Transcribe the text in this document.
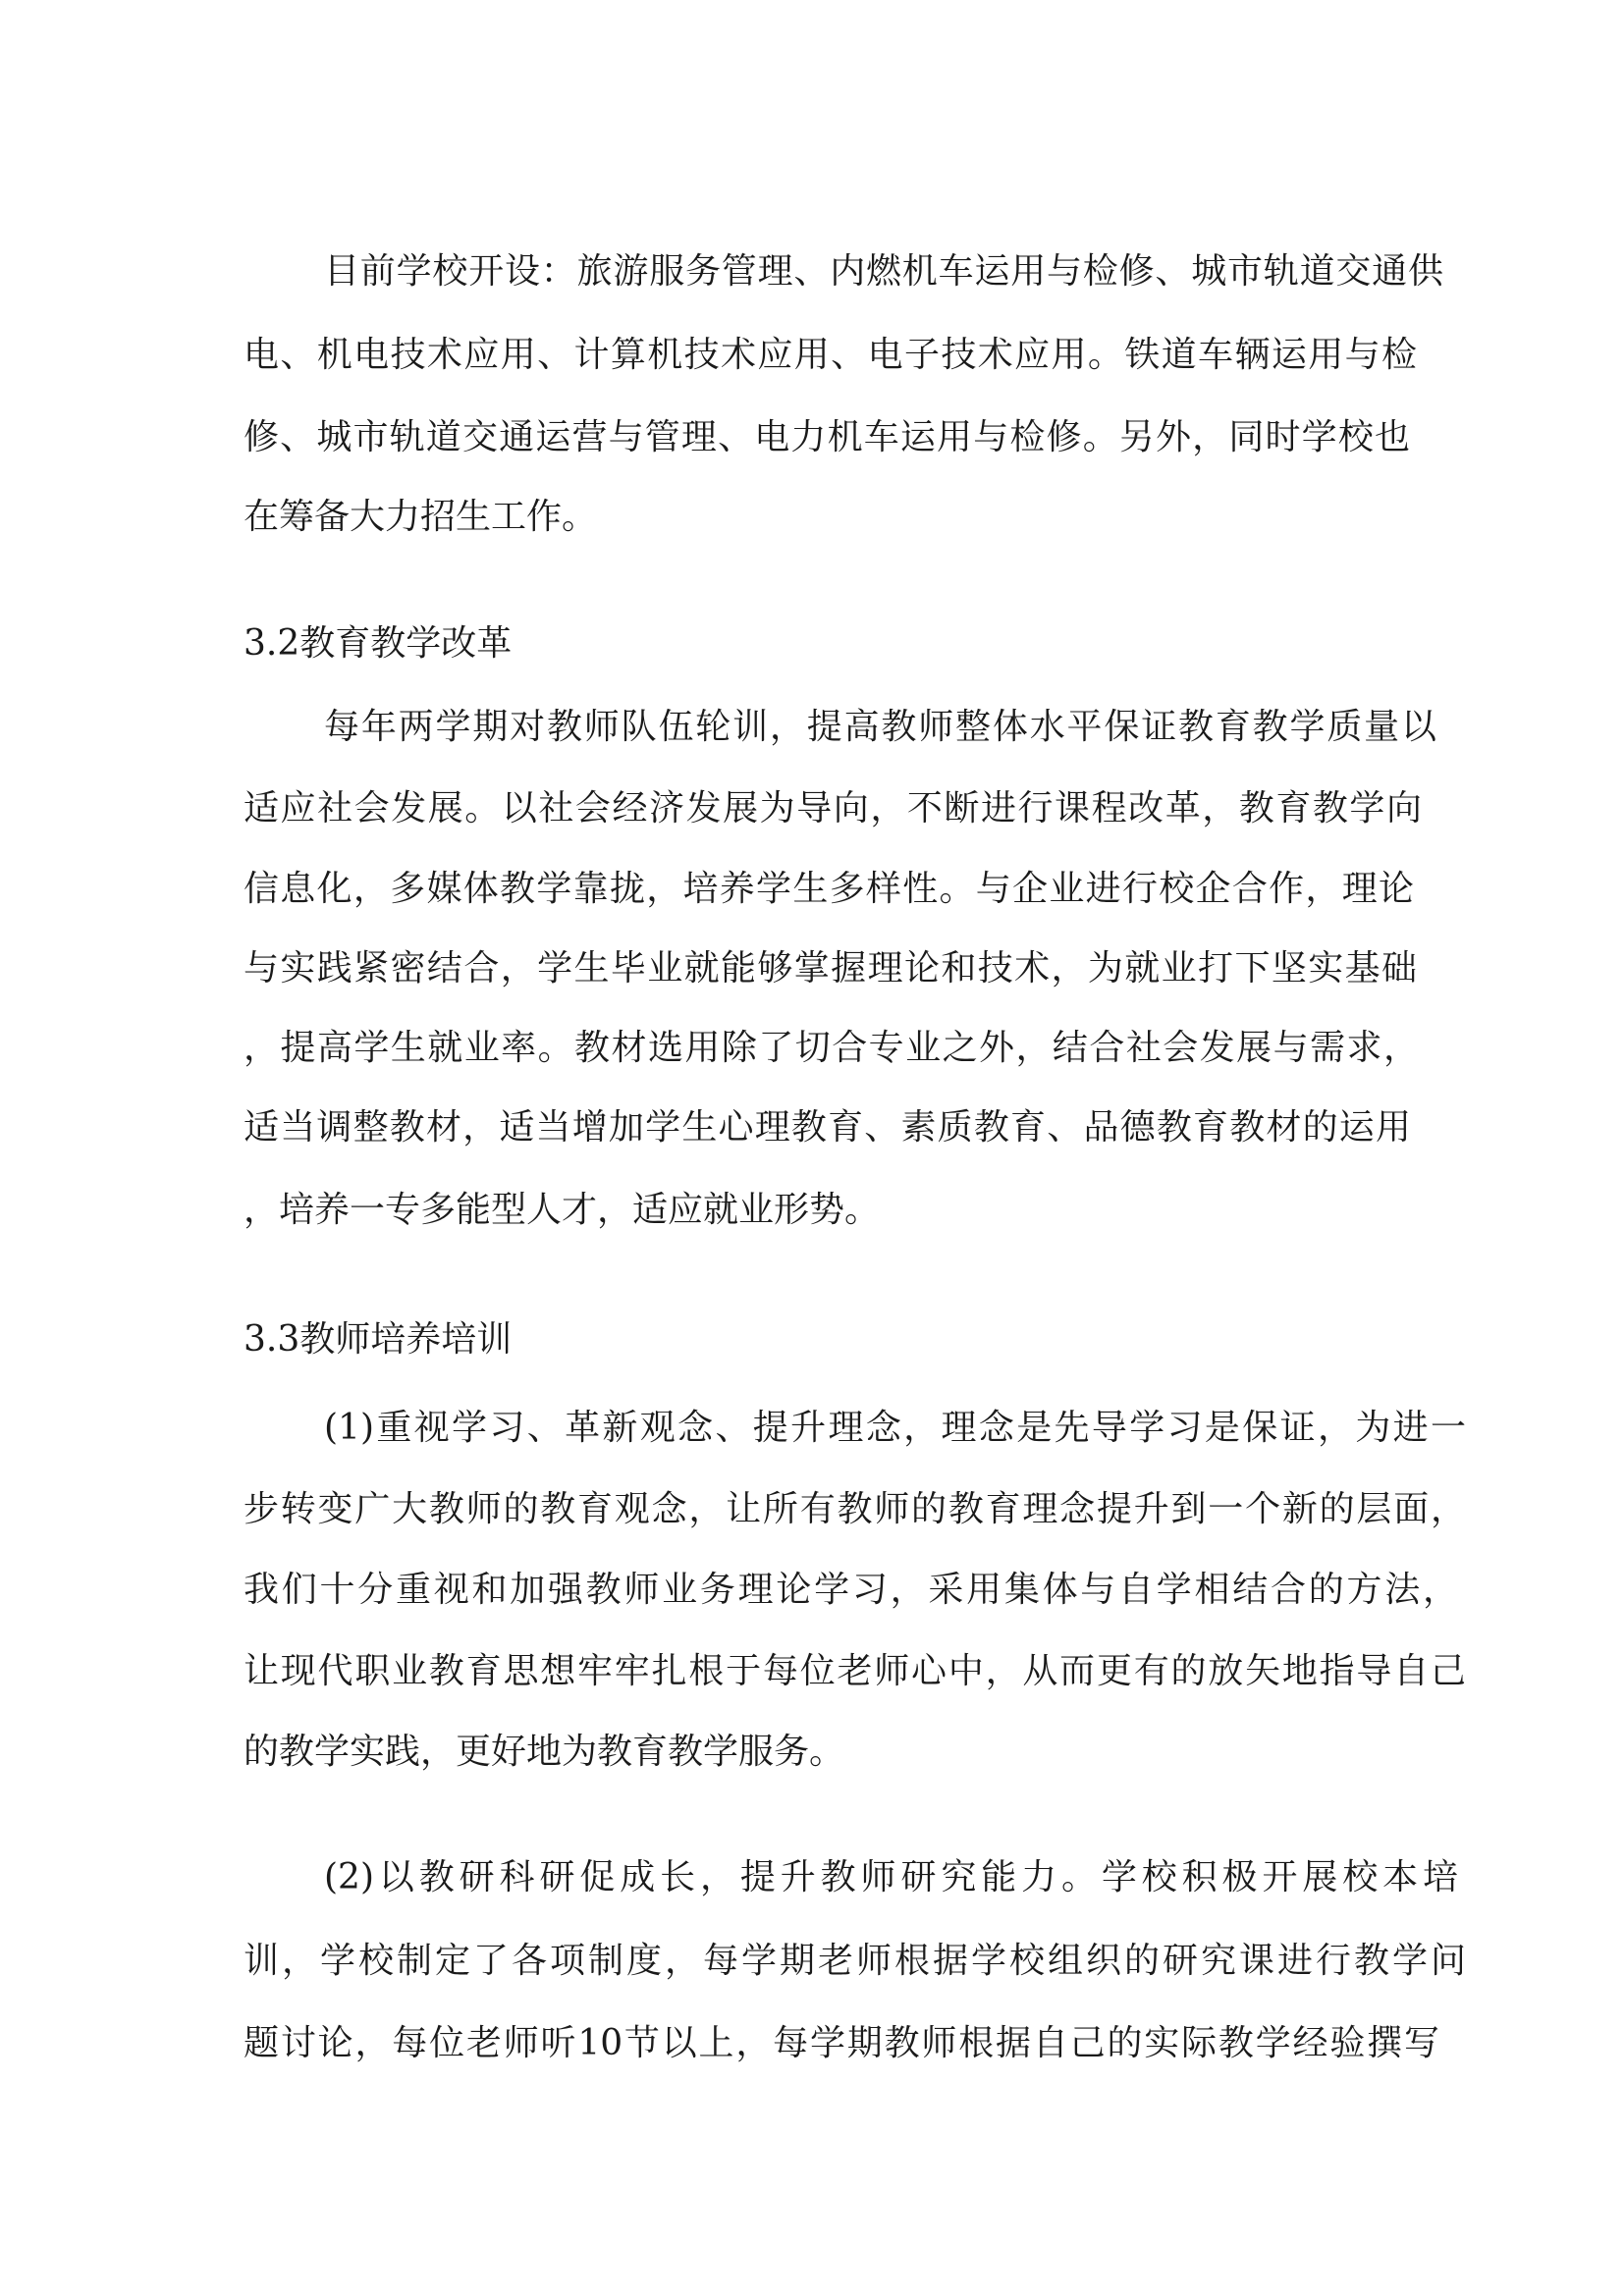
目前学校开设：旅游服务管理、内燃机车运用与检修、城市轨道交通供
电、机电技术应用、计算机技术应用、电子技术应用。铁道车辆运用与检
修、城市轨道交通运营与管理、电力机车运用与检修。另外，同时学校也
在筹备大力招生工作。
3.2教育教学改革
每年两学期对教师队伍轮训，提高教师整体水平保证教育教学质量以
适应社会发展。以社会经济发展为导向，不断进行课程改革，教育教学向
信息化，多媒体教学靠拢，培养学生多样性。与企业进行校企合作，理论
与实践紧密结合，学生毕业就能够掌握理论和技术，为就业打下坚实基础
，提高学生就业率。教材选用除了切合专业之外，结合社会发展与需求，
适当调整教材，适当增加学生心理教育、素质教育、品德教育教材的运用
，培养一专多能型人才，适应就业形势。
3.3教师培养培训
(1)重视学习、革新观念、提升理念，理念是先导学习是保证，为进一
步转变广大教师的教育观念，让所有教师的教育理念提升到一个新的层面，
我们十分重视和加强教师业务理论学习，采用集体与自学相结合的方法，
让现代职业教育思想牢牢扎根于每位老师心中，从而更有的放矢地指导自己
的教学实践，更好地为教育教学服务。
(2)以教研科研促成长，提升教师研究能力。学校积极开展校本培
训，学校制定了各项制度，每学期老师根据学校组织的研究课进行教学问
题讨论，每位老师听10节以上，每学期教师根据自己的实际教学经验撰写
